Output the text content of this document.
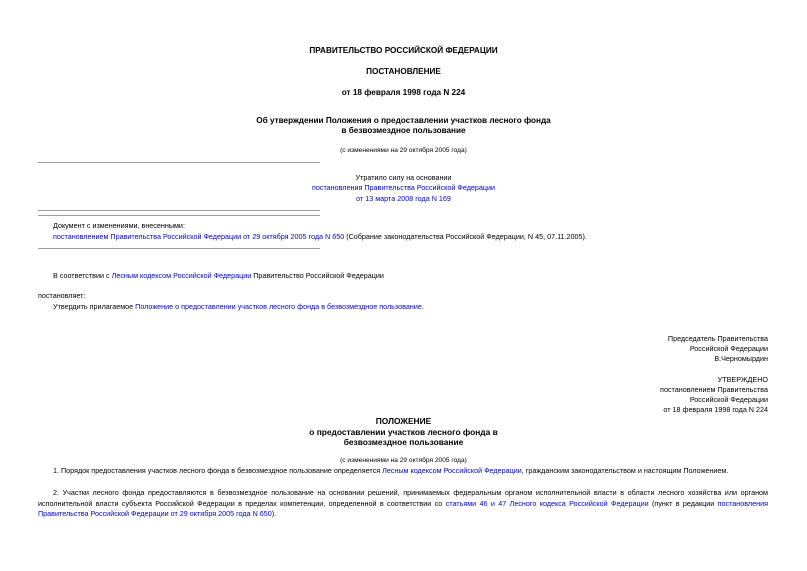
ПРАВИТЕЛЬСТВО РОССИЙСКОЙ ФЕДЕРАЦИИ
ПОСТАНОВЛЕНИЕ
от 18 февраля 1998 года N 224
Об утверждении Положения о предоставлении участков лесного фонда
в безвозмездное пользование
(с изменениями на 29 октября 2005 года)
Утратило силу на основании
постановления Правительства Российской Федерации
от 13 марта 2008 года N 169
Документ с изменениями, внесенными:
постановлением Правительства Российской Федерации от 29 октября 2005 года N 650 (Собрание законодательства Российской Федерации, N 45, 07.11.2005).
В соответствии с Лесным кодексом Российской Федерации Правительство Российской Федерации
постановляет:
Утвердить прилагаемое Положение о предоставлении участков лесного фонда в безвозмездное пользование.
Председатель Правительства
Российской Федерации
В.Черномырдин
УТВЕРЖДЕНО
постановлением Правительства
Российской Федерации
от 18 февраля 1998 года N 224
ПОЛОЖЕНИЕ
о предоставлении участков лесного фонда в
безвозмездное пользование
(с изменениями на 29 октября 2005 года)
1. Порядок предоставления участков лесного фонда в безвозмездное пользование определяется Лесным кодексом Российской Федерации, гражданским законодательством и настоящим Положением.
2. Участки лесного фонда предоставляются в безвозмездное пользование на основании решений, принимаемых федеральным органом исполнительной власти в области лесного хозяйства или органом исполнительной власти субъекта Российской Федерации в пределах компетенции, определенной в соответствии со статьями 46 и 47 Лесного кодекса Российской Федерации (пункт в редакции постановления Правительства Российской Федерации от 29 октября 2005 года N 650).
